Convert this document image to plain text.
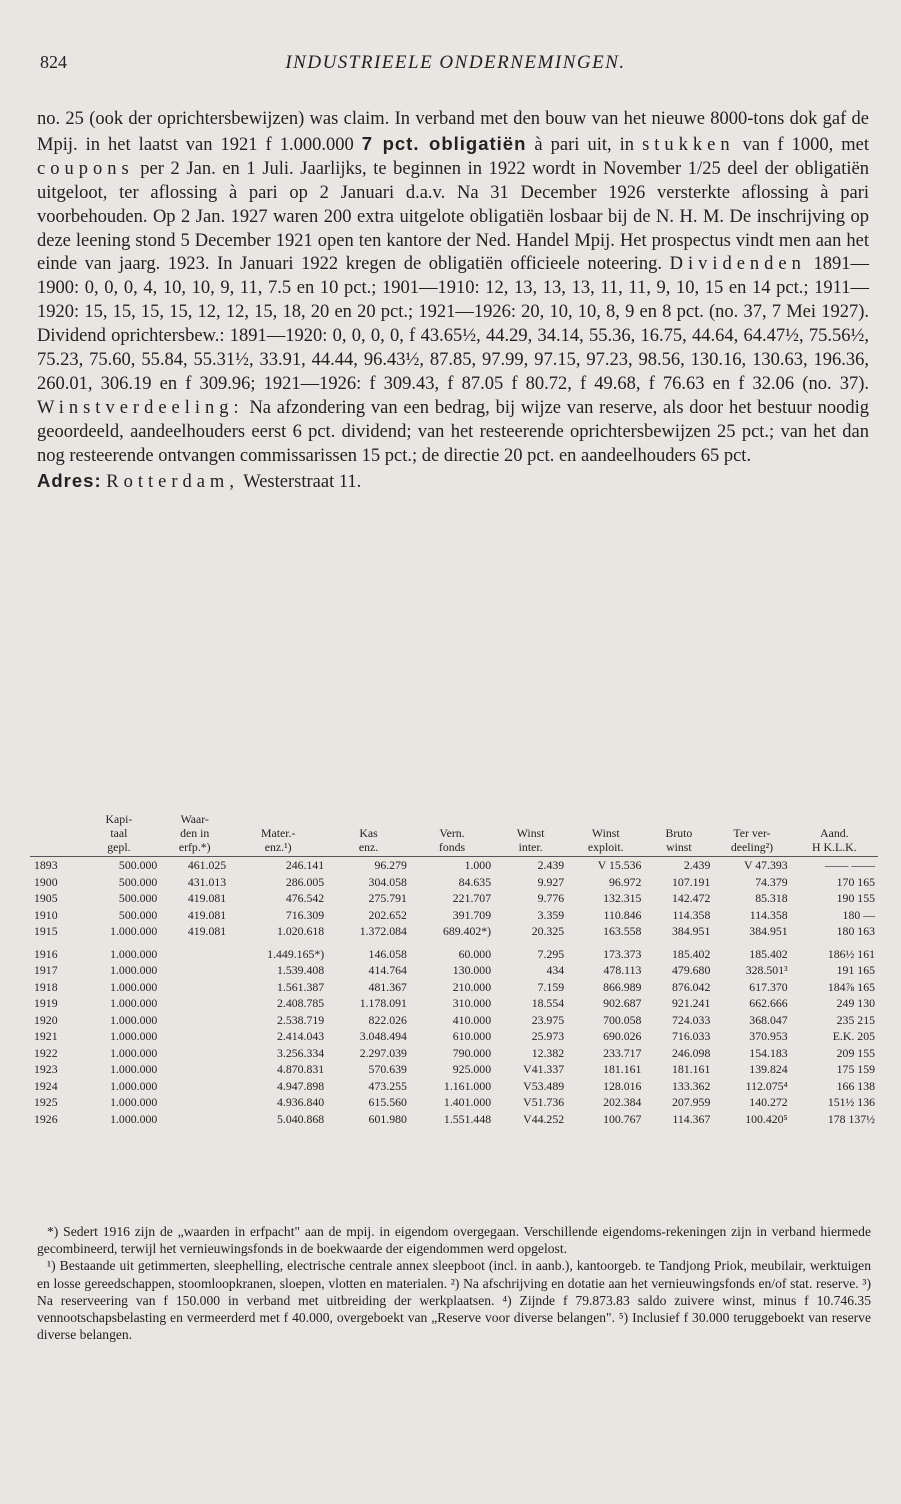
824	INDUSTRIEELE ONDERNEMINGEN.

no. 25 (ook der oprichtersbewijzen) was claim. In verband met den bouw van het nieuwe 8000-tons dok gaf de Mpij. in het laatst van 1921 f 1.000.000 7 pct. obligatiën à pari uit, in stukken van f 1000, met coupons per 2 Jan. en 1 Juli. Jaarlijks, te beginnen in 1922 wordt in November 1/25 deel der obligatiën uitgeloot, ter aflossing à pari op 2 Januari d.a.v. Na 31 December 1926 versterkte aflossing à pari voorbehouden. Op 2 Jan. 1927 waren 200 extra uitgelote obligatiën losbaar bij de N. H. M. De inschrijving op deze leening stond 5 December 1921 open ten kantore der Ned. Handel Mpij. Het prospectus vindt men aan het einde van jaarg. 1923. In Januari 1922 kregen de obligatiën officieele noteering. Dividenden 1891—1900: 0, 0, 0, 4, 10, 10, 9, 11, 7.5 en 10 pct.; 1901—1910: 12, 13, 13, 13, 11, 11, 9, 10, 15 en 14 pct.; 1911—1920: 15, 15, 15, 15, 12, 12, 15, 18, 20 en 20 pct.; 1921—1926: 20, 10, 10, 8, 9 en 8 pct. (no. 37, 7 Mei 1927). Dividend oprichtersbew.: 1891—1920: 0, 0, 0, 0, f 43.65½, 44.29, 34.14, 55.36, 16.75, 44.64, 64.47½, 75.56½, 75.23, 75.60, 55.84, 55.31½, 33.91, 44.44, 96.43½, 87.85, 97.99, 97.15, 97.23, 98.56, 130.16, 130.63, 196.36, 260.01, 306.19 en f 309.96; 1921—1926: f 309.43, f 87.05 f 80.72, f 49.68, f 76.63 en f 32.06 (no. 37). Winstverdeeling: Na afzondering van een bedrag, bij wijze van reserve, als door het bestuur noodig geoordeeld, aandeelhouders eerst 6 pct. dividend; van het resteerende oprichtersbewijzen 25 pct.; van het dan nog resteerende ontvangen commissarissen 15 pct.; de directie 20 pct. en aandeelhouders 65 pct.

Adres: Rotterdam, Westerstraat 11.

	Kapi-	Waar-								
	taal	den in	Mater.-	Kas	Vern.	Winst	Winst	Bruto	Ter ver-	Aand.
	gepl.	erfp.*)	enz.¹)	enz.	fonds	inter.	exploit.	winst	deeling²)	H K.L.K.
1893	500.000	461.025	246.141	96.279	1.000	2.439	V 15.536	2.439	V 47.393	—— ——
1900	500.000	431.013	286.005	304.058	84.635	9.927	96.972	107.191	74.379	170 165
1905	500.000	419.081	476.542	275.791	221.707	9.776	132.315	142.472	85.318	190 155
1910	500.000	419.081	716.309	202.652	391.709	3.359	110.846	114.358	114.358	180 —
1915	1.000.000	419.081	1.020.618	1.372.084	689.402*)	20.325	163.558	384.951	384.951	180 163
1916	1.000.000		1.449.165*)	146.058	60.000	7.295	173.373	185.402	185.402	186½ 161
1917	1.000.000		1.539.408	414.764	130.000	434	478.113	479.680	328.501³	191 165
1918	1.000.000		1.561.387	481.367	210.000	7.159	866.989	876.042	617.370	184⅞ 165
1919	1.000.000		2.408.785	1.178.091	310.000	18.554	902.687	921.241	662.666	249 130
1920	1.000.000		2.538.719	822.026	410.000	23.975	700.058	724.033	368.047	235 215
1921	1.000.000		2.414.043	3.048.494	610.000	25.973	690.026	716.033	370.953	E.K. 205
1922	1.000.000		3.256.334	2.297.039	790.000	12.382	233.717	246.098	154.183	209 155
1923	1.000.000		4.870.831	570.639	925.000	V41.337	181.161	181.161	139.824	175 159
1924	1.000.000		4.947.898	473.255	1.161.000	V53.489	128.016	133.362	112.075⁴	166 138
1925	1.000.000		4.936.840	615.560	1.401.000	V51.736	202.384	207.959	140.272	151½ 136
1926	1.000.000		5.040.868	601.980	1.551.448	V44.252	100.767	114.367	100.420⁵	178 137½

*) Sedert 1916 zijn de „waarden in erfpacht" aan de mpij. in eigendom overgegaan. Verschillende eigendoms-rekeningen zijn in verband hiermede gecombineerd, terwijl het vernieuwingsfonds in de boekwaarde der eigendommen werd opgelost.

¹) Bestaande uit getimmerten, sleephelling, electrische centrale annex sleepboot (incl. in aanb.), kantoorgeb. te Tandjong Priok, meubilair, werktuigen en losse gereedschappen, stoomloopkranen, sloepen, vlotten en materialen. ²) Na afschrijving en dotatie aan het vernieuwingsfonds en/of stat. reserve. ³) Na reserveering van f 150.000 in verband met uitbreiding der werkplaatsen. ⁴) Zijnde f 79.873.83 saldo zuivere winst, minus f 10.746.35 vennootschapsbelasting en vermeerderd met f 40.000, overgeboekt van „Reserve voor diverse belangen". ⁵) Inclusief f 30.000 teruggeboekt van reserve diverse belangen.
